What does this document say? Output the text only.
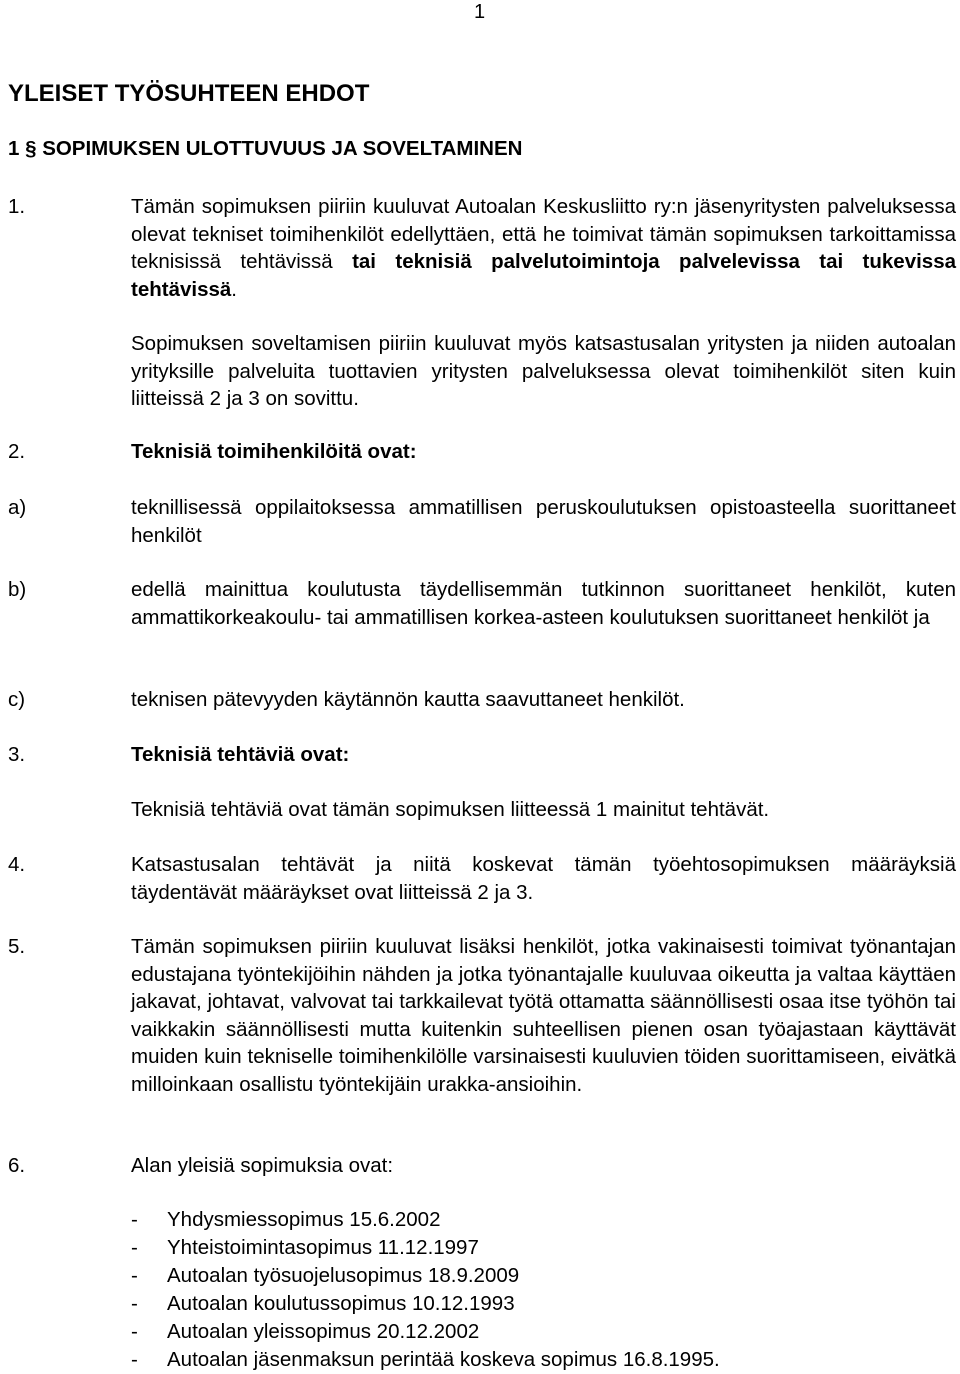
1
YLEISET TYÖSUHTEEN EHDOT
1 § SOPIMUKSEN ULOTTUVUUS JA SOVELTAMINEN
1.	Tämän sopimuksen piiriin kuuluvat Autoalan Keskusliitto ry:n jäsenyritysten palveluksessa olevat tekniset toimihenkilöt edellyttäen, että he toimivat tämän sopimuksen tarkoittamissa teknisissä tehtävissä tai teknisiä palvelutoimintoja palvelevissa tai tukevissa tehtävissä.
Sopimuksen soveltamisen piiriin kuuluvat myös katsastusalan yritysten ja niiden autoalan yrityksille palveluita tuottavien yritysten palveluksessa olevat toimihenkilöt siten kuin liitteissä 2 ja 3 on sovittu.
2.	Teknisiä toimihenkilöitä ovat:
a)	teknillisessä oppilaitoksessa ammatillisen peruskoulutuksen opistoasteella suorittaneet henkilöt
b)	edellä mainittua koulutusta täydellisemmän tutkinnon suorittaneet henkilöt, kuten ammattikorkeakoulu- tai ammatillisen korkea-asteen koulutuksen suorittaneet henkilöt ja
c)	teknisen pätevyyden käytännön kautta saavuttaneet henkilöt.
3.	Teknisiä tehtäviä ovat:
Teknisiä tehtäviä ovat tämän sopimuksen liitteessä 1 mainitut tehtävät.
4.	Katsastusalan tehtävät ja niitä koskevat tämän työehtosopimuksen määräyksiä täydentävät määräykset ovat liitteissä 2 ja 3.
5.	Tämän sopimuksen piiriin kuuluvat lisäksi henkilöt, jotka vakinaisesti toimivat työnantajan edustajana työntekijöihin nähden ja jotka työnantajalle kuuluvaa oikeutta ja valtaa käyttäen jakavat, johtavat, valvovat tai tarkkailevat työtä ottamatta säännöllisesti osaa itse työhön tai vaikkakin säännöllisesti mutta kuitenkin suhteellisen pienen osan työajastaan käyttävät muiden kuin tekniselle toimihenkilölle varsinaisesti kuuluvien töiden suorittamiseen, eivätkä milloinkaan osallistu työntekijäin urakka-ansioihin.
6.	Alan yleisiä sopimuksia ovat:
- Yhdysmiessopimus 15.6.2002
- Yhteistoimintasopimus 11.12.1997
- Autoalan työsuojelusopimus 18.9.2009
- Autoalan koulutussopimus 10.12.1993
- Autoalan yleissopimus 20.12.2002
- Autoalan jäsenmaksun perintää koskeva sopimus 16.8.1995.
